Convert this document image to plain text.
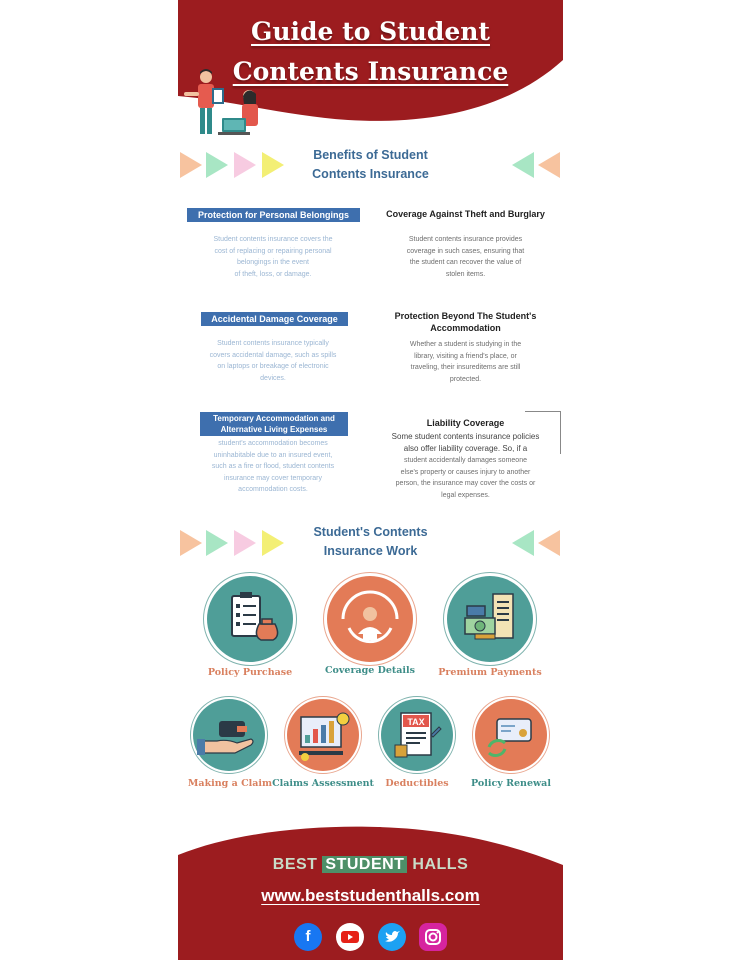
Guide to Student
Contents Insurance
Benefits of Student
Contents Insurance
Protection for Personal Belongings
Student contents insurance covers the
cost of replacing or repairing personal
belongings in the event
of theft, loss, or damage.
Coverage Against Theft and Burglary
Student contents insurance provides
coverage in such cases, ensuring that
the student can recover the value of
stolen items.
Accidental Damage Coverage
Student contents insurance typically
covers accidental damage, such as spills
on laptops or breakage of electronic
devices.
Protection Beyond The Student's
Accommodation
Whether a student is studying in the
library, visiting a friend's place, or
traveling, their insureditems are still
protected.
Temporary Accommodation and
Alternative Living Expenses
student's accommodation becomes
uninhabitable due to an insured event,
such as a fire or flood, student contents
insurance may cover temporary
accommodation costs.
Liability Coverage
Some student contents insurance policies
also offer liability coverage. So, if a
student accidentally damages someone
else's property or causes injury to another
person, the insurance may cover the costs or
legal expenses.
Student's Contents
Insurance Work
Policy Purchase	Coverage Details	Premium Payments
Making a Claim Claims Assessment
TAX
Deductibles	Policy Renewal
BEST STUDENT HALLS
www.beststudenthalls.com
f
